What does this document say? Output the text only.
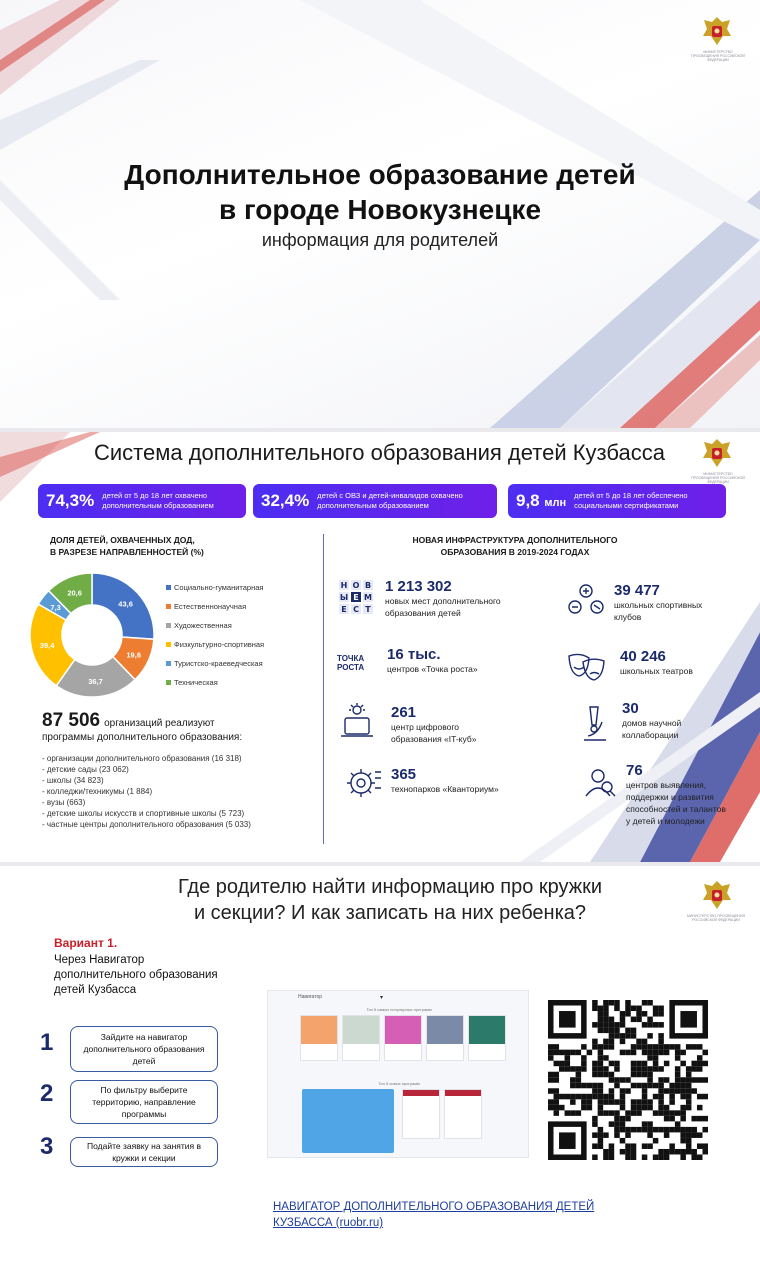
МИНИСТЕРСТВО ПРОСВЕЩЕНИЯ РОССИЙСКОЙ ФЕДЕРАЦИИ
Дополнительное образование детей
в городе Новокузнецке
информация для родителей
Система дополнительного образования детей Кузбасса
МИНИСТЕРСТВО ПРОСВЕЩЕНИЯ РОССИЙСКОЙ ФЕДЕРАЦИИ
74,3% детей от 5 до 18 лет охвачено дополнительным образованием	32,4% детей с ОВЗ и детей-инвалидов охвачено дополнительным образованием	9,8 млн
детей от 5 до 18 лет обеспечено социальными сертификатами
ДОЛЯ ДЕТЕЙ, ОХВАЧЕННЫХ ДОД,
В РАЗРЕЗЕ НАПРАВЛЕННОСТЕЙ (%)
43,6
19,6
36,7
39,4
7,3
20,6
Социально-гуманитарная
Естественнонаучная
Художественная
Физкультурно-спортивная
Туристско-краеведческая
Техническая
87 506 организаций реализуют
программы дополнительного образования:
- организации дополнительного образования (16 318)
- детские сады (23 062)
- школы (34 823)
- колледжи/техникумы (1 884)
- вузы (663)
- детские школы искусств и спортивные школы (5 723)
- частные центры дополнительного образования (5 033)
НОВАЯ ИНФРАСТРУКТУРА ДОПОЛНИТЕЛЬНОГО
ОБРАЗОВАНИЯ В 2019-2024 ГОДАХ
Н О В
Ы Е М
Е С Т
ТОЧКА
РОСТА
1 213 302
новых мест дополнительного
образования детей
39 477
школьных спортивных
клубов
16 тыс.
центров «Точка роста»
40 246
школьных театров
261
центр цифрового
образования «IT-куб»
30
домов научной
коллаборации
365
технопарков «Кванториум»
76
центров выявления,
поддержки и развития
способностей и талантов
у детей и молодежи
Где родителю найти информацию про кружки
и секции? И как записать на них ребенка?	МИНИСТЕРСТВО ПРОСВЕЩЕНИЯ РОССИЙСКОЙ ФЕДЕРАЦИИ
Вариант 1.
Через Навигатор
дополнительного образования
детей Кузбасса
1	Зайдите на навигатор дополнительного образования детей
2	По фильтру выберите территорию, направление программы
3	Подайте заявку на занятия в кружки и секции
Навигатор	▾
Топ 5 самых популярных программ
Топ 5 новых программ
НАВИГАТОР ДОПОЛНИТЕЛЬНОГО ОБРАЗОВАНИЯ ДЕТЕЙ
КУЗБАССА (ruobr.ru)
